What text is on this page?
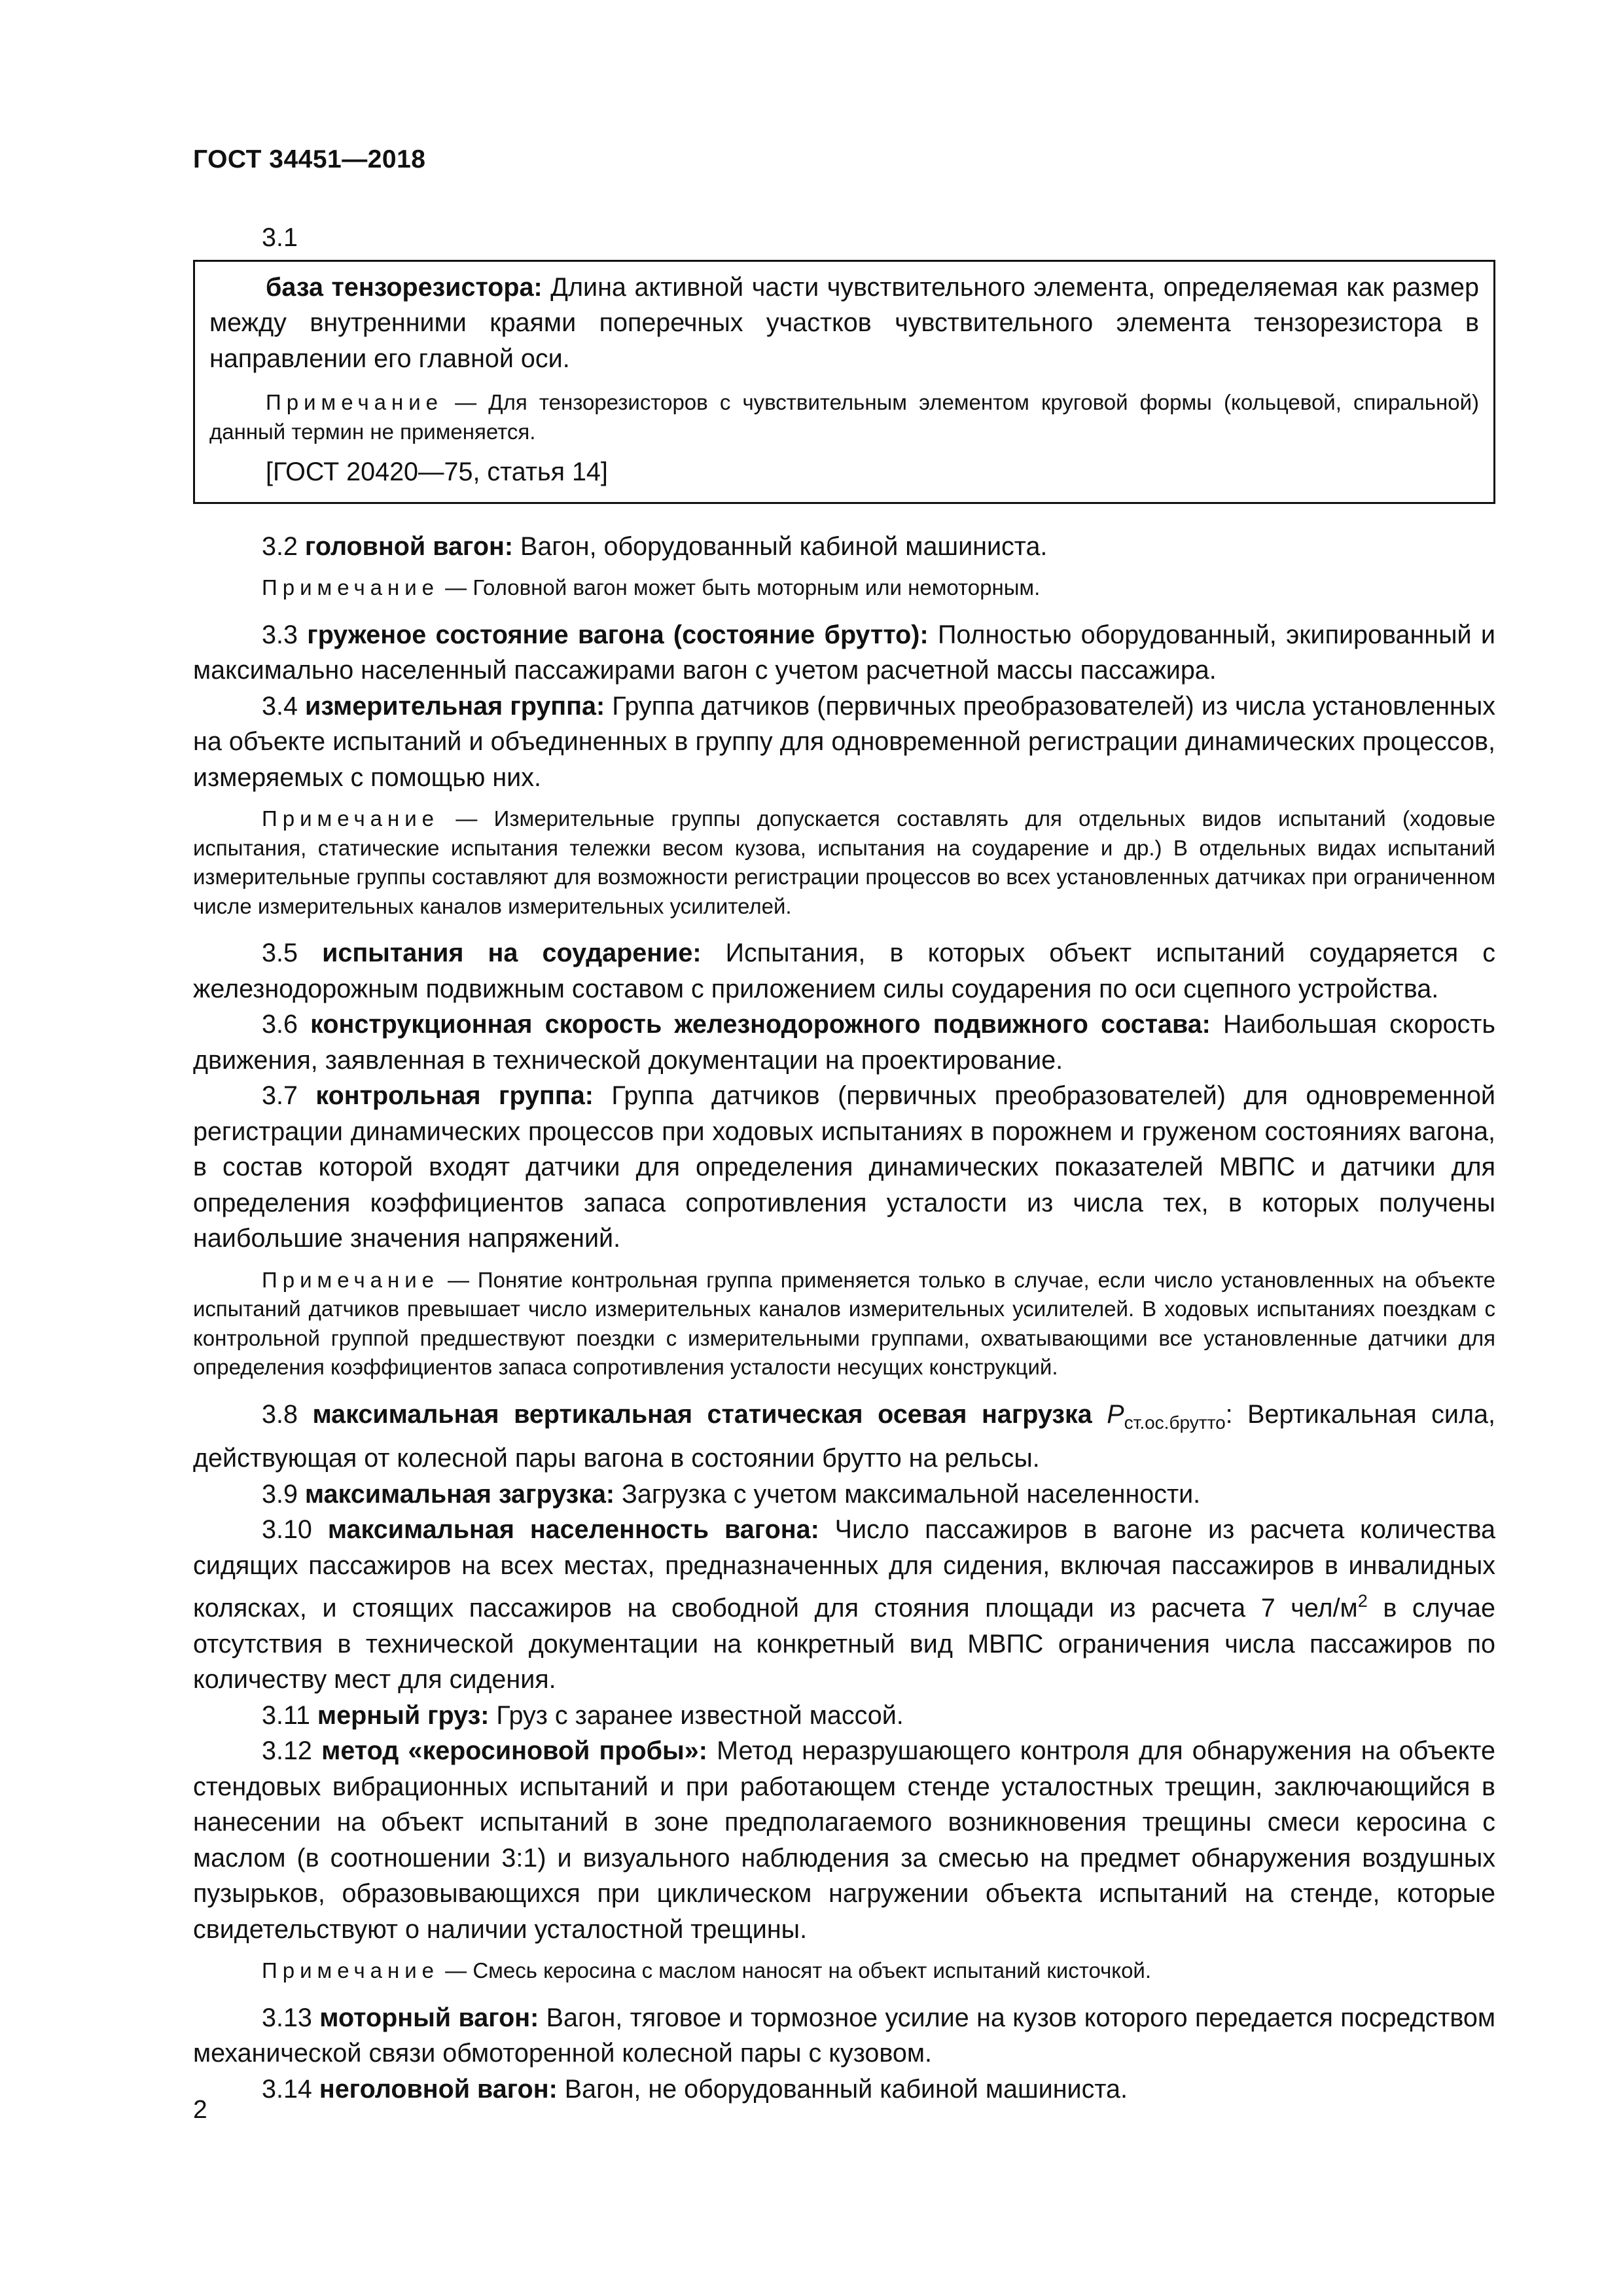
ГОСТ 34451—2018
3.1

база тензорезистора: Длина активной части чувствительного элемента, определяемая как размер между внутренними краями поперечных участков чувствительного элемента тензорезистора в направлении его главной оси.

Примечание — Для тензорезисторов с чувствительным элементом круговой формы (кольцевой, спиральной) данный термин не применяется.

[ГОСТ 20420—75, статья 14]

3.2 головной вагон: Вагон, оборудованный кабиной машиниста.

Примечание — Головной вагон может быть моторным или немоторным.

3.3 груженое состояние вагона (состояние брутто): Полностью оборудованный, экипированный и максимально населенный пассажирами вагон с учетом расчетной массы пассажира.

3.4 измерительная группа: Группа датчиков (первичных преобразователей) из числа установленных на объекте испытаний и объединенных в группу для одновременной регистрации динамических процессов, измеряемых с помощью них.

Примечание — Измерительные группы допускается составлять для отдельных видов испытаний (ходовые испытания, статические испытания тележки весом кузова, испытания на соударение и др.) В отдельных видах испытаний измерительные группы составляют для возможности регистрации процессов во всех установленных датчиках при ограниченном числе измерительных каналов измерительных усилителей.

3.5 испытания на соударение: Испытания, в которых объект испытаний соударяется с железнодорожным подвижным составом с приложением силы соударения по оси сцепного устройства.

3.6 конструкционная скорость железнодорожного подвижного состава: Наибольшая скорость движения, заявленная в технической документации на проектирование.

3.7 контрольная группа: Группа датчиков (первичных преобразователей) для одновременной регистрации динамических процессов при ходовых испытаниях в порожнем и груженом состояниях вагона, в состав которой входят датчики для определения динамических показателей МВПС и датчики для определения коэффициентов запаса сопротивления усталости из числа тех, в которых получены наибольшие значения напряжений.

Примечание — Понятие контрольная группа применяется только в случае, если число установленных на объекте испытаний датчиков превышает число измерительных каналов измерительных усилителей. В ходовых испытаниях поездкам с контрольной группой предшествуют поездки с измерительными группами, охватывающими все установленные датчики для определения коэффициентов запаса сопротивления усталости несущих конструкций.

3.8 максимальная вертикальная статическая осевая нагрузка $P_{ст.ос.брутто}$: Вертикальная сила, действующая от колесной пары вагона в состоянии брутто на рельсы.

3.9 максимальная загрузка: Загрузка с учетом максимальной населенности.

3.10 максимальная населенность вагона: Число пассажиров в вагоне из расчета количества сидящих пассажиров на всех местах, предназначенных для сидения, включая пассажиров в инвалидных колясках, и стоящих пассажиров на свободной для стояния площади из расчета 7 чел/$м^2$ в случае отсутствия в технической документации на конкретный вид МВПС ограничения числа пассажиров по количеству мест для сидения.

3.11 мерный груз: Груз с заранее известной массой.

3.12 метод «керосиновой пробы»: Метод неразрушающего контроля для обнаружения на объекте стендовых вибрационных испытаний и при работающем стенде усталостных трещин, заключающийся в нанесении на объект испытаний в зоне предполагаемого возникновения трещины смеси керосина с маслом (в соотношении 3:1) и визуального наблюдения за смесью на предмет обнаружения воздушных пузырьков, образовывающихся при циклическом нагружении объекта испытаний на стенде, которые свидетельствуют о наличии усталостной трещины.

Примечание — Смесь керосина с маслом наносят на объект испытаний кисточкой.

3.13 моторный вагон: Вагон, тяговое и тормозное усилие на кузов которого передается посредством механической связи обмоторенной колесной пары с кузовом.

3.14 неголовной вагон: Вагон, не оборудованный кабиной машиниста.

2
